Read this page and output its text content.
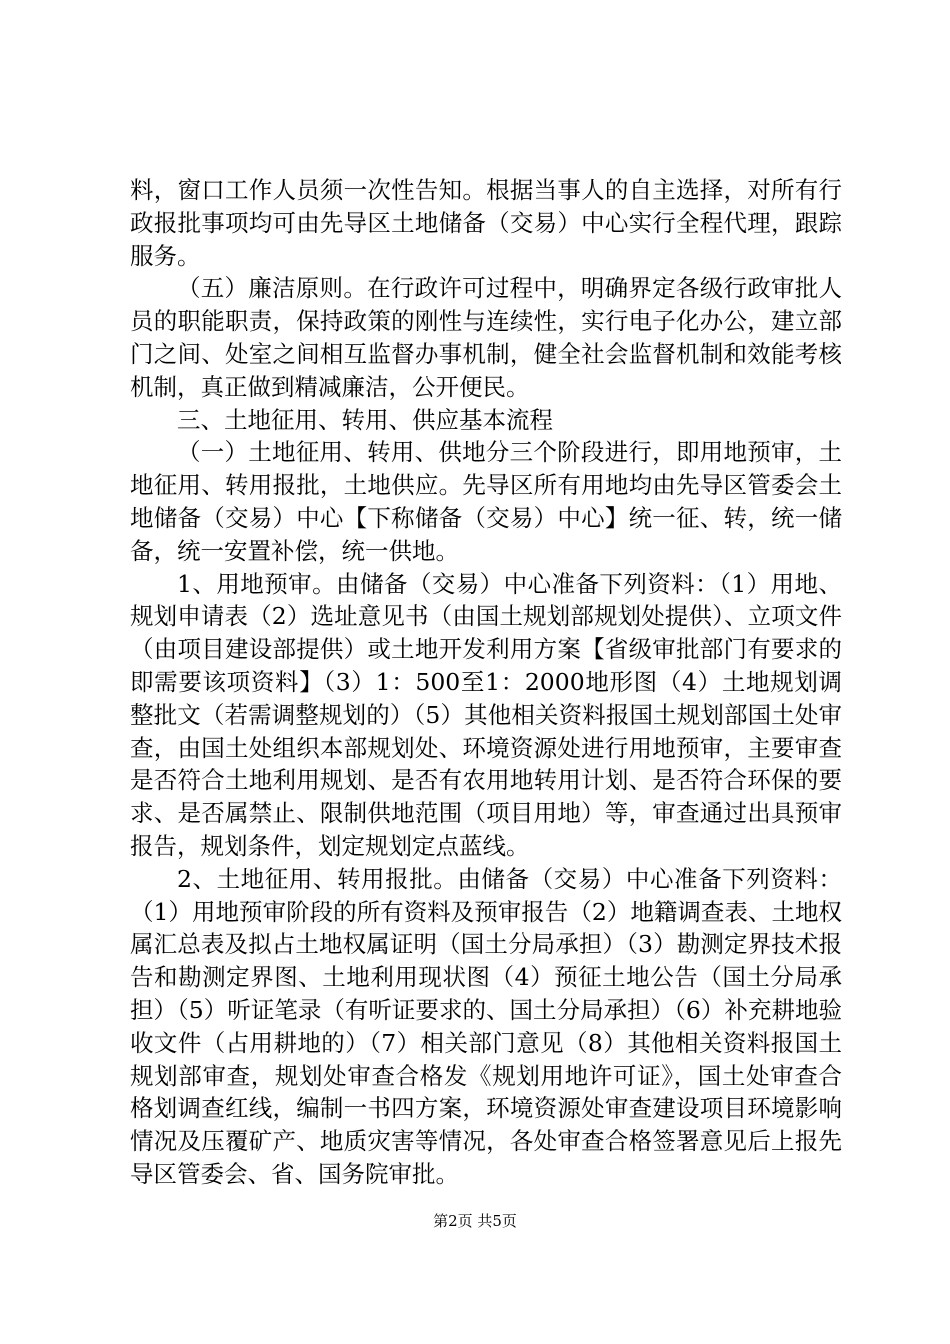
料，窗口工作人员须一次性告知。根据当事人的自主选择，对所有行政报批事项均可由先导区土地储备（交易）中心实行全程代理，跟踪服务。

（五）廉洁原则。在行政许可过程中，明确界定各级行政审批人员的职能职责，保持政策的刚性与连续性，实行电子化办公，建立部门之间、处室之间相互监督办事机制，健全社会监督机制和效能考核机制，真正做到精减廉洁，公开便民。

三、土地征用、转用、供应基本流程

（一）土地征用、转用、供地分三个阶段进行，即用地预审，土地征用、转用报批，土地供应。先导区所有用地均由先导区管委会土地储备（交易）中心【下称储备（交易）中心】统一征、转，统一储备，统一安置补偿，统一供地。

1、用地预审。由储备（交易）中心准备下列资料：（1）用地、规划申请表（2）选址意见书（由国土规划部规划处提供）、立项文件（由项目建设部提供）或土地开发利用方案【省级审批部门有要求的即需要该项资料】（3）1：500至1：2000地形图（4）土地规划调整批文（若需调整规划的）（5）其他相关资料报国土规划部国土处审查，由国土处组织本部规划处、环境资源处进行用地预审，主要审查是否符合土地利用规划、是否有农用地转用计划、是否符合环保的要求、是否属禁止、限制供地范围（项目用地）等，审查通过出具预审报告，规划条件，划定规划定点蓝线。

2、土地征用、转用报批。由储备（交易）中心准备下列资料：（1）用地预审阶段的所有资料及预审报告（2）地籍调查表、土地权属汇总表及拟占土地权属证明（国土分局承担）（3）勘测定界技术报告和勘测定界图、土地利用现状图（4）预征土地公告（国土分局承担）（5）听证笔录（有听证要求的、国土分局承担）（6）补充耕地验收文件（占用耕地的）（7）相关部门意见（8）其他相关资料报国土规划部审查，规划处审查合格发《规划用地许可证》，国土处审查合格划调查红线，编制一书四方案，环境资源处审查建设项目环境影响情况及压覆矿产、地质灾害等情况，各处审查合格签署意见后上报先导区管委会、省、国务院审批。

第2页 共5页
